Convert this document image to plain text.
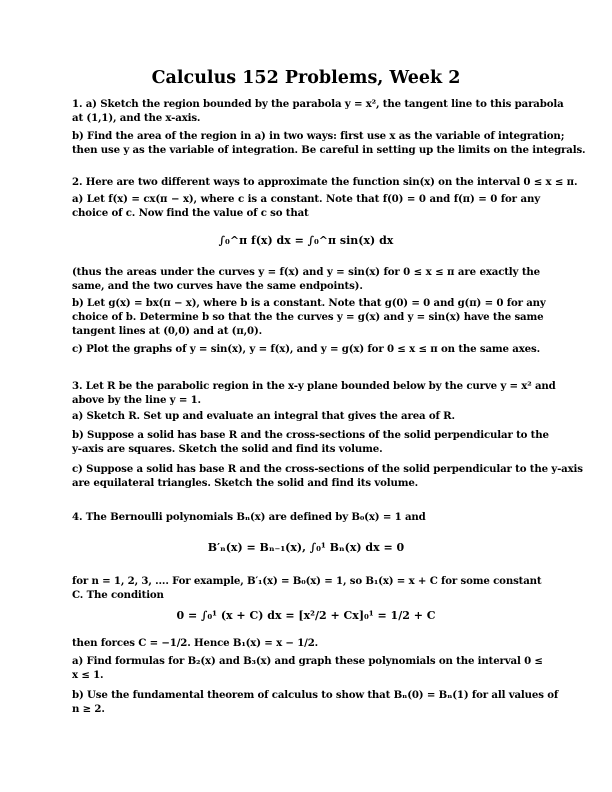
Calculus 152 Problems, Week 2
1. a) Sketch the region bounded by the parabola y = x², the tangent line to this parabola
at (1,1), and the x-axis.
b) Find the area of the region in a) in two ways: first use x as the variable of integration;
then use y as the variable of integration. Be careful in setting up the limits on the integrals.
2. Here are two different ways to approximate the function sin(x) on the interval 0 ≤ x ≤ π.
a) Let f(x) = cx(π − x), where c is a constant. Note that f(0) = 0 and f(π) = 0 for any
choice of c. Now find the value of c so that
∫₀^π f(x) dx = ∫₀^π sin(x) dx
(thus the areas under the curves y = f(x) and y = sin(x) for 0 ≤ x ≤ π are exactly the
same, and the two curves have the same endpoints).
b) Let g(x) = bx(π − x), where b is a constant. Note that g(0) = 0 and g(π) = 0 for any
choice of b. Determine b so that the the curves y = g(x) and y = sin(x) have the same
tangent lines at (0,0) and at (π,0).
c) Plot the graphs of y = sin(x), y = f(x), and y = g(x) for 0 ≤ x ≤ π on the same axes.
3. Let R be the parabolic region in the x-y plane bounded below by the curve y = x² and
above by the line y = 1.
a) Sketch R. Set up and evaluate an integral that gives the area of R.
b) Suppose a solid has base R and the cross-sections of the solid perpendicular to the
y-axis are squares. Sketch the solid and find its volume.
c) Suppose a solid has base R and the cross-sections of the solid perpendicular to the y-axis
are equilateral triangles. Sketch the solid and find its volume.
4. The Bernoulli polynomials Bₙ(x) are defined by B₀(x) = 1 and
B′ₙ(x) = Bₙ₋₁(x), ∫₀¹ Bₙ(x) dx = 0
for n = 1, 2, 3, .... For example, B′₁(x) = B₀(x) = 1, so B₁(x) = x + C for some constant
C. The condition
0 = ∫₀¹ (x + C) dx = [x²/2 + Cx]₀¹ = 1/2 + C
then forces C = −1/2. Hence B₁(x) = x − 1/2.
a) Find formulas for B₂(x) and B₃(x) and graph these polynomials on the interval 0 ≤
x ≤ 1.
b) Use the fundamental theorem of calculus to show that Bₙ(0) = Bₙ(1) for all values of
n ≥ 2.
